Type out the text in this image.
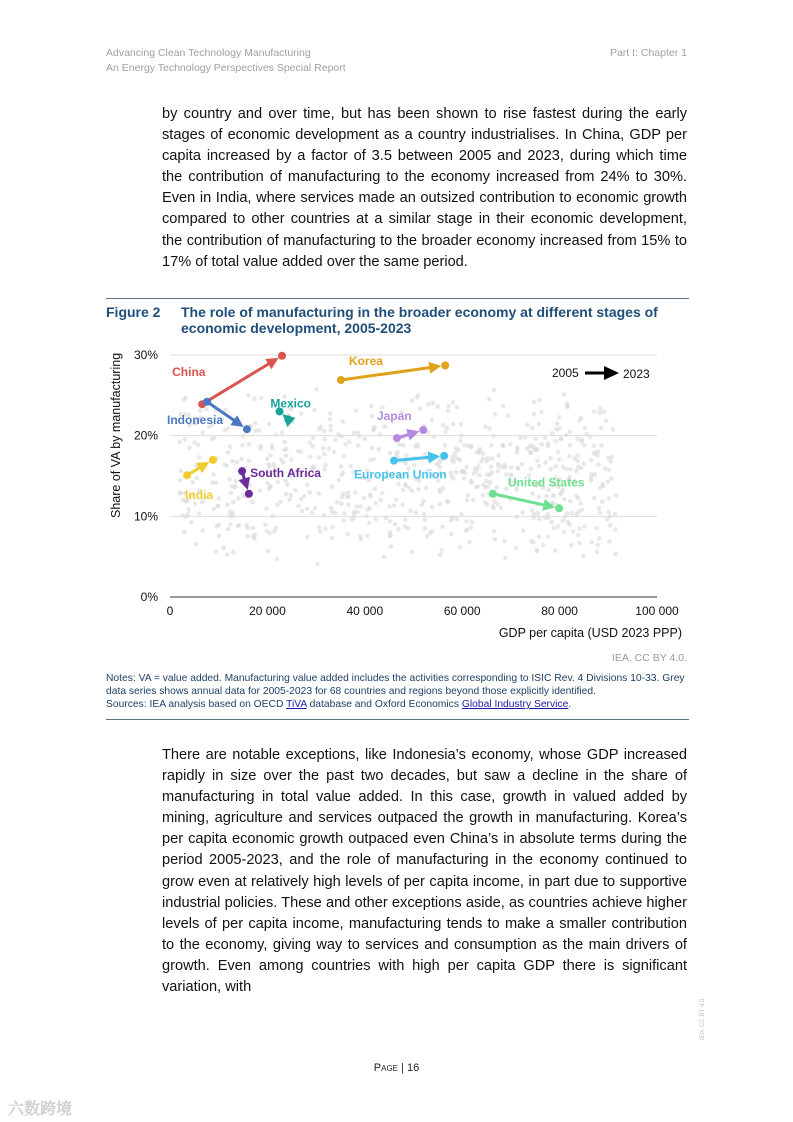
Advancing Clean Technology Manufacturing
An Energy Technology Perspectives Special Report
Part I: Chapter 1

by country and over time, but has been shown to rise fastest during the early stages of economic development as a country industrialises. In China, GDP per capita increased by a factor of 3.5 between 2005 and 2023, during which time the contribution of manufacturing to the economy increased from 24% to 30%. Even in India, where services made an outsized contribution to economic growth compared to other countries at a similar stage in their economic development, the contribution of manufacturing to the broader economy increased from 15% to 17% of total value added over the same period.

Figure 2 The role of manufacturing in the broader economy at different stages of economic development, 2005-2023
0%
10%
20%
30%
0	20 000	40 000	60 000	80 000	100 000
China
Indonesia
Mexico
Korea
Japan
European Union
India
South Africa
United States
Share of VA by manufacturing
GDP per capita (USD 2023 PPP)
2005	2023
IEA. CC BY 4.0.
Notes: VA = value added. Manufacturing value added includes the activities corresponding to ISIC Rev. 4 Divisions 10-33. Grey data series shows annual data for 2005-2023 for 68 countries and regions beyond those explicitly identified.
Sources: IEA analysis based on OECD TiVA database and Oxford Economics Global Industry Service.

There are notable exceptions, like Indonesia’s economy, whose GDP increased rapidly in size over the past two decades, but saw a decline in the share of manufacturing in total value added. In this case, growth in valued added by mining, agriculture and services outpaced the growth in manufacturing. Korea’s per capita economic growth outpaced even China’s in absolute terms during the period 2005-2023, and the role of manufacturing in the economy continued to grow even at relatively high levels of per capita income, in part due to supportive industrial policies. These and other exceptions aside, as countries achieve higher levels of per capita income, manufacturing tends to make a smaller contribution to the economy, giving way to services and consumption as the main drivers of growth. Even among countries with high per capita GDP there is significant variation, with

Page | 16
IEA. CC BY 4.0.
六数跨境
